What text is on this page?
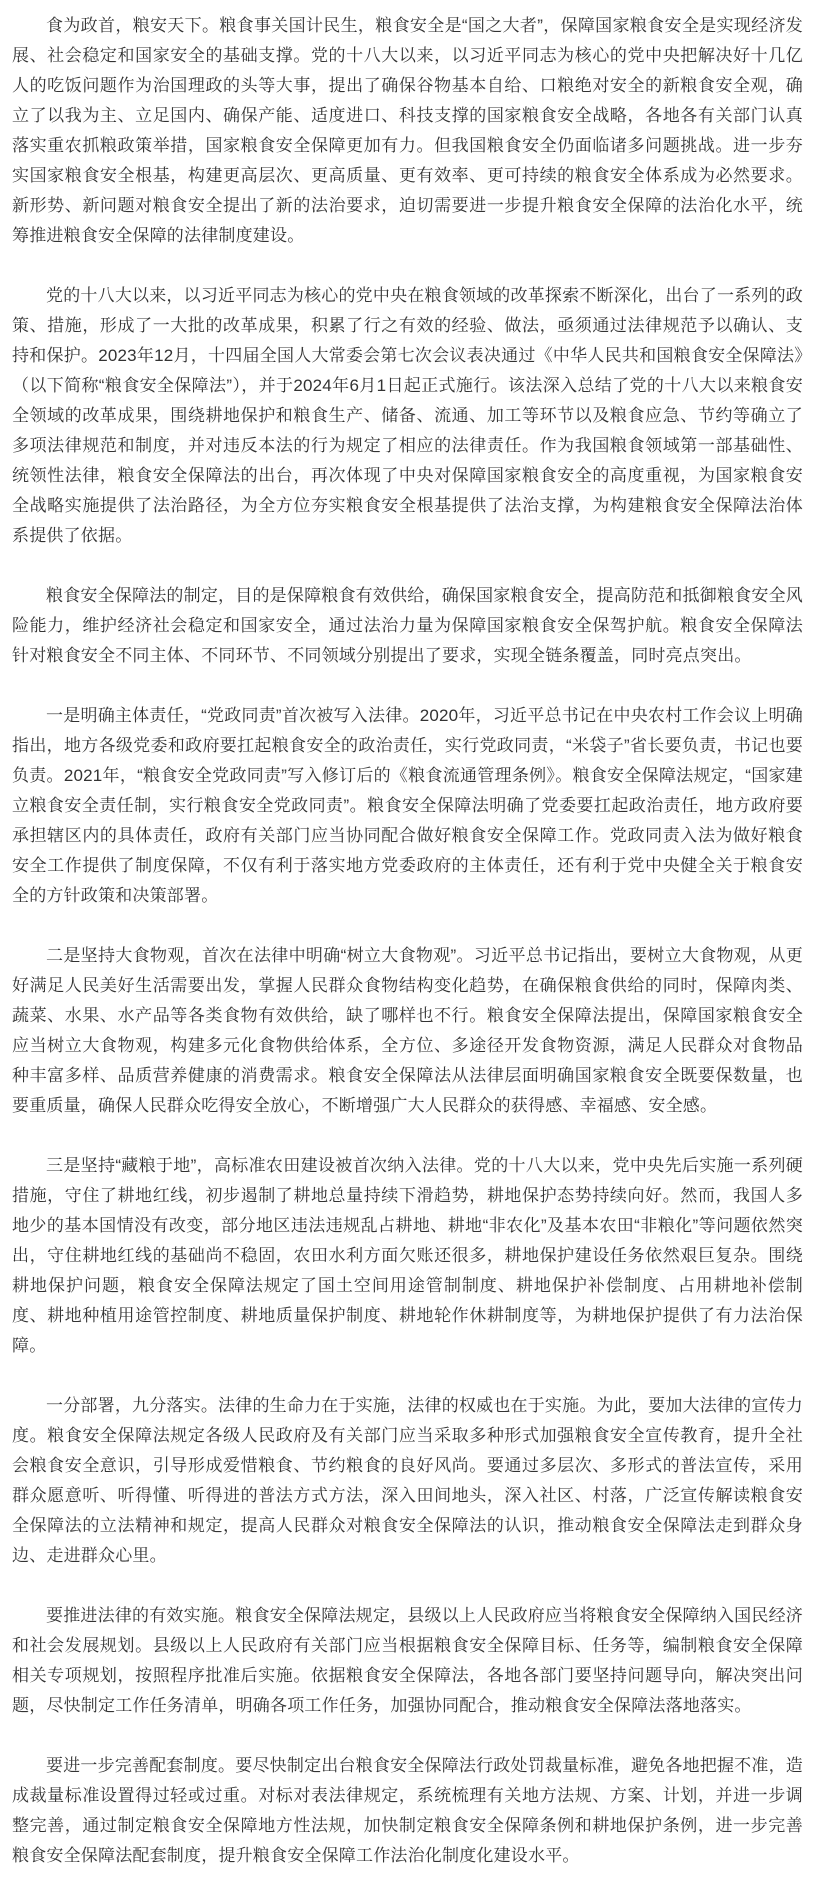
食为政首，粮安天下。粮食事关国计民生，粮食安全是“国之大者”，保障国家粮食安全是实现经济发展、社会稳定和国家安全的基础支撑。党的十八大以来，以习近平同志为核心的党中央把解决好十几亿人的吃饭问题作为治国理政的头等大事，提出了确保谷物基本自给、口粮绝对安全的新粮食安全观，确立了以我为主、立足国内、确保产能、适度进口、科技支撑的国家粮食安全战略，各地各有关部门认真落实重农抓粮政策举措，国家粮食安全保障更加有力。但我国粮食安全仍面临诸多问题挑战。进一步夯实国家粮食安全根基，构建更高层次、更高质量、更有效率、更可持续的粮食安全体系成为必然要求。新形势、新问题对粮食安全提出了新的法治要求，迫切需要进一步提升粮食安全保障的法治化水平，统筹推进粮食安全保障的法律制度建设。

党的十八大以来，以习近平同志为核心的党中央在粮食领域的改革探索不断深化，出台了一系列的政策、措施，形成了一大批的改革成果，积累了行之有效的经验、做法，亟须通过法律规范予以确认、支持和保护。2023年12月，十四届全国人大常委会第七次会议表决通过《中华人民共和国粮食安全保障法》（以下简称“粮食安全保障法”），并于2024年6月1日起正式施行。该法深入总结了党的十八大以来粮食安全领域的改革成果，围绕耕地保护和粮食生产、储备、流通、加工等环节以及粮食应急、节约等确立了多项法律规范和制度，并对违反本法的行为规定了相应的法律责任。作为我国粮食领域第一部基础性、统领性法律，粮食安全保障法的出台，再次体现了中央对保障国家粮食安全的高度重视，为国家粮食安全战略实施提供了法治路径，为全方位夯实粮食安全根基提供了法治支撑，为构建粮食安全保障法治体系提供了依据。

粮食安全保障法的制定，目的是保障粮食有效供给，确保国家粮食安全，提高防范和抵御粮食安全风险能力，维护经济社会稳定和国家安全，通过法治力量为保障国家粮食安全保驾护航。粮食安全保障法针对粮食安全不同主体、不同环节、不同领域分别提出了要求，实现全链条覆盖，同时亮点突出。

一是明确主体责任，“党政同责”首次被写入法律。2020年，习近平总书记在中央农村工作会议上明确指出，地方各级党委和政府要扛起粮食安全的政治责任，实行党政同责，“米袋子”省长要负责，书记也要负责。2021年，“粮食安全党政同责”写入修订后的《粮食流通管理条例》。粮食安全保障法规定，“国家建立粮食安全责任制，实行粮食安全党政同责”。粮食安全保障法明确了党委要扛起政治责任，地方政府要承担辖区内的具体责任，政府有关部门应当协同配合做好粮食安全保障工作。党政同责入法为做好粮食安全工作提供了制度保障，不仅有利于落实地方党委政府的主体责任，还有利于党中央健全关于粮食安全的方针政策和决策部署。

二是坚持大食物观，首次在法律中明确“树立大食物观”。习近平总书记指出，要树立大食物观，从更好满足人民美好生活需要出发，掌握人民群众食物结构变化趋势，在确保粮食供给的同时，保障肉类、蔬菜、水果、水产品等各类食物有效供给，缺了哪样也不行。粮食安全保障法提出，保障国家粮食安全应当树立大食物观，构建多元化食物供给体系，全方位、多途径开发食物资源，满足人民群众对食物品种丰富多样、品质营养健康的消费需求。粮食安全保障法从法律层面明确国家粮食安全既要保数量，也要重质量，确保人民群众吃得安全放心，不断增强广大人民群众的获得感、幸福感、安全感。

三是坚持“藏粮于地”，高标准农田建设被首次纳入法律。党的十八大以来，党中央先后实施一系列硬措施，守住了耕地红线，初步遏制了耕地总量持续下滑趋势，耕地保护态势持续向好。然而，我国人多地少的基本国情没有改变，部分地区违法违规乱占耕地、耕地“非农化”及基本农田“非粮化”等问题依然突出，守住耕地红线的基础尚不稳固，农田水利方面欠账还很多，耕地保护建设任务依然艰巨复杂。围绕耕地保护问题，粮食安全保障法规定了国土空间用途管制制度、耕地保护补偿制度、占用耕地补偿制度、耕地种植用途管控制度、耕地质量保护制度、耕地轮作休耕制度等，为耕地保护提供了有力法治保障。

一分部署，九分落实。法律的生命力在于实施，法律的权威也在于实施。为此，要加大法律的宣传力度。粮食安全保障法规定各级人民政府及有关部门应当采取多种形式加强粮食安全宣传教育，提升全社会粮食安全意识，引导形成爱惜粮食、节约粮食的良好风尚。要通过多层次、多形式的普法宣传，采用群众愿意听、听得懂、听得进的普法方式方法，深入田间地头，深入社区、村落，广泛宣传解读粮食安全保障法的立法精神和规定，提高人民群众对粮食安全保障法的认识，推动粮食安全保障法走到群众身边、走进群众心里。

要推进法律的有效实施。粮食安全保障法规定，县级以上人民政府应当将粮食安全保障纳入国民经济和社会发展规划。县级以上人民政府有关部门应当根据粮食安全保障目标、任务等，编制粮食安全保障相关专项规划，按照程序批准后实施。依据粮食安全保障法，各地各部门要坚持问题导向，解决突出问题，尽快制定工作任务清单，明确各项工作任务，加强协同配合，推动粮食安全保障法落地落实。

要进一步完善配套制度。要尽快制定出台粮食安全保障法行政处罚裁量标准，避免各地把握不准，造成裁量标准设置得过轻或过重。对标对表法律规定，系统梳理有关地方法规、方案、计划，并进一步调整完善，通过制定粮食安全保障地方性法规，加快制定粮食安全保障条例和耕地保护条例，进一步完善粮食安全保障法配套制度，提升粮食安全保障工作法治化制度化建设水平。
